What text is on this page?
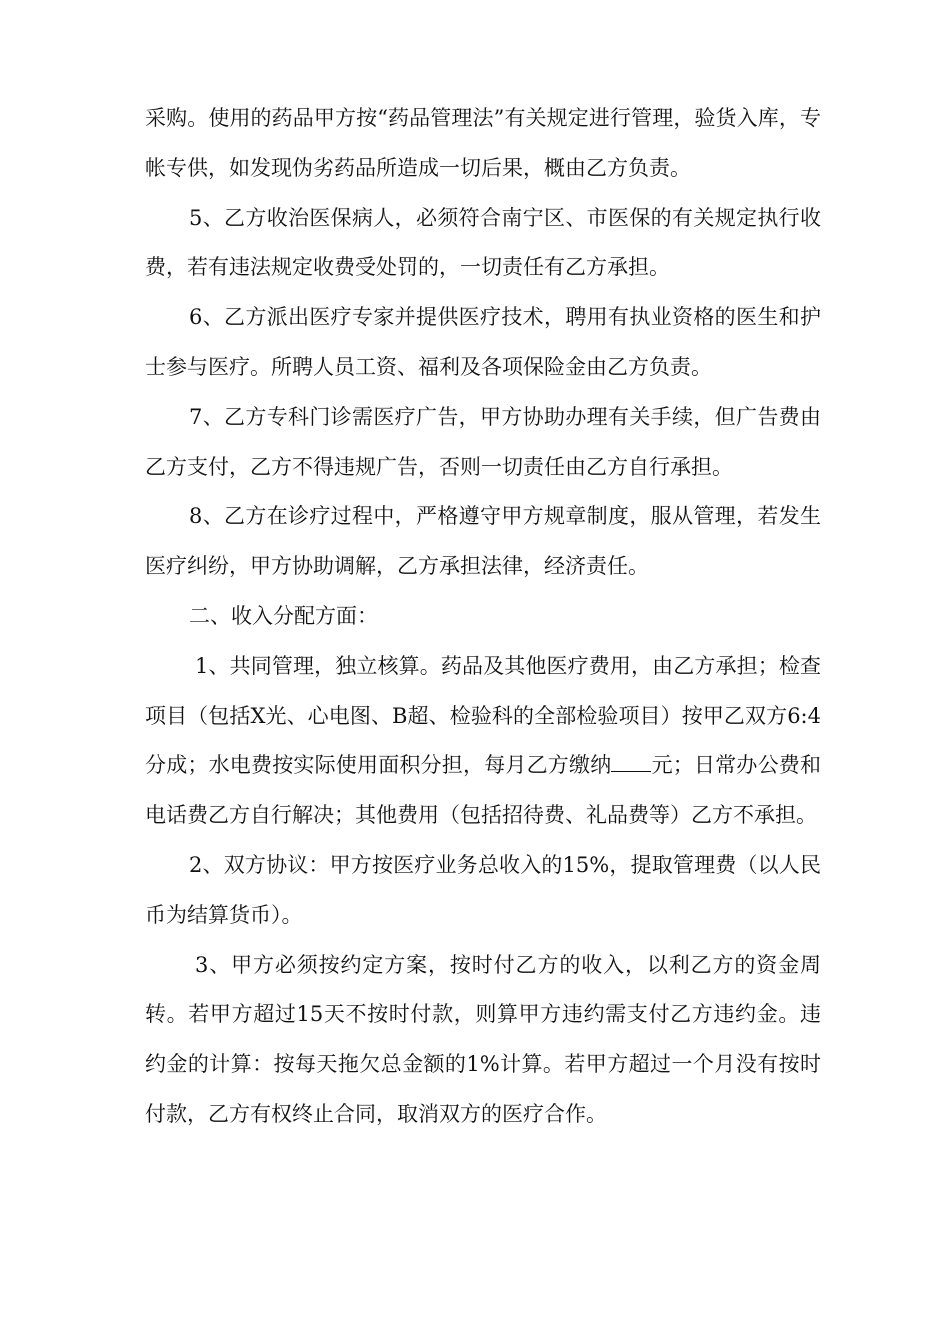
采购。使用的药品甲方按“药品管理法”有关规定进行管理，验货入库，专帐专供，如发现伪劣药品所造成一切后果，概由乙方负责。

5、乙方收治医保病人，必须符合南宁区、市医保的有关规定执行收费，若有违法规定收费受处罚的，一切责任有乙方承担。

6、乙方派出医疗专家并提供医疗技术，聘用有执业资格的医生和护士参与医疗。所聘人员工资、福利及各项保险金由乙方负责。

7、乙方专科门诊需医疗广告，甲方协助办理有关手续，但广告费由乙方支付，乙方不得违规广告，否则一切责任由乙方自行承担。

8、乙方在诊疗过程中，严格遵守甲方规章制度，服从管理，若发生医疗纠纷，甲方协助调解，乙方承担法律，经济责任。

二、收入分配方面：

1、共同管理，独立核算。药品及其他医疗费用，由乙方承担；检查项目（包括X光、心电图、B超、检验科的全部检验项目）按甲乙双方6:4分成；水电费按实际使用面积分担，每月乙方缴纳 元；日常办公费和电话费乙方自行解决；其他费用（包括招待费、礼品费等）乙方不承担。

2、双方协议：甲方按医疗业务总收入的15%，提取管理费（以人民币为结算货币）。

3、甲方必须按约定方案，按时付乙方的收入，以利乙方的资金周转。若甲方超过15天不按时付款，则算甲方违约需支付乙方违约金。违约金的计算：按每天拖欠总金额的1%计算。若甲方超过一个月没有按时付款，乙方有权终止合同，取消双方的医疗合作。
